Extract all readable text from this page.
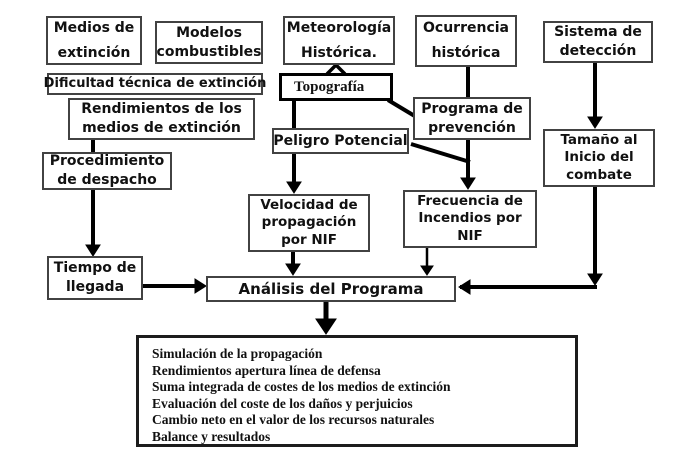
Medios de extinción
Modelos combustibles
Meteorología Histórica.
Ocurrencia histórica
Sistema de detección
Dificultad técnica de extinción	Topografía
Rendimientos de los medios de extinción
Programa de prevención
Tamaño al Inicio del combate
Peligro Potencial
Procedimiento de despacho
Velocidad de propagación por NIF
Frecuencia de Incendios por NIF
Tiempo de llegada	Análisis del Programa
Simulación de la propagación
Rendimientos apertura línea de defensa
Suma integrada de costes de los medios de extinción
Evaluación del coste de los daños y perjuicios
Cambio neto en el valor de los recursos naturales
Balance y resultados
